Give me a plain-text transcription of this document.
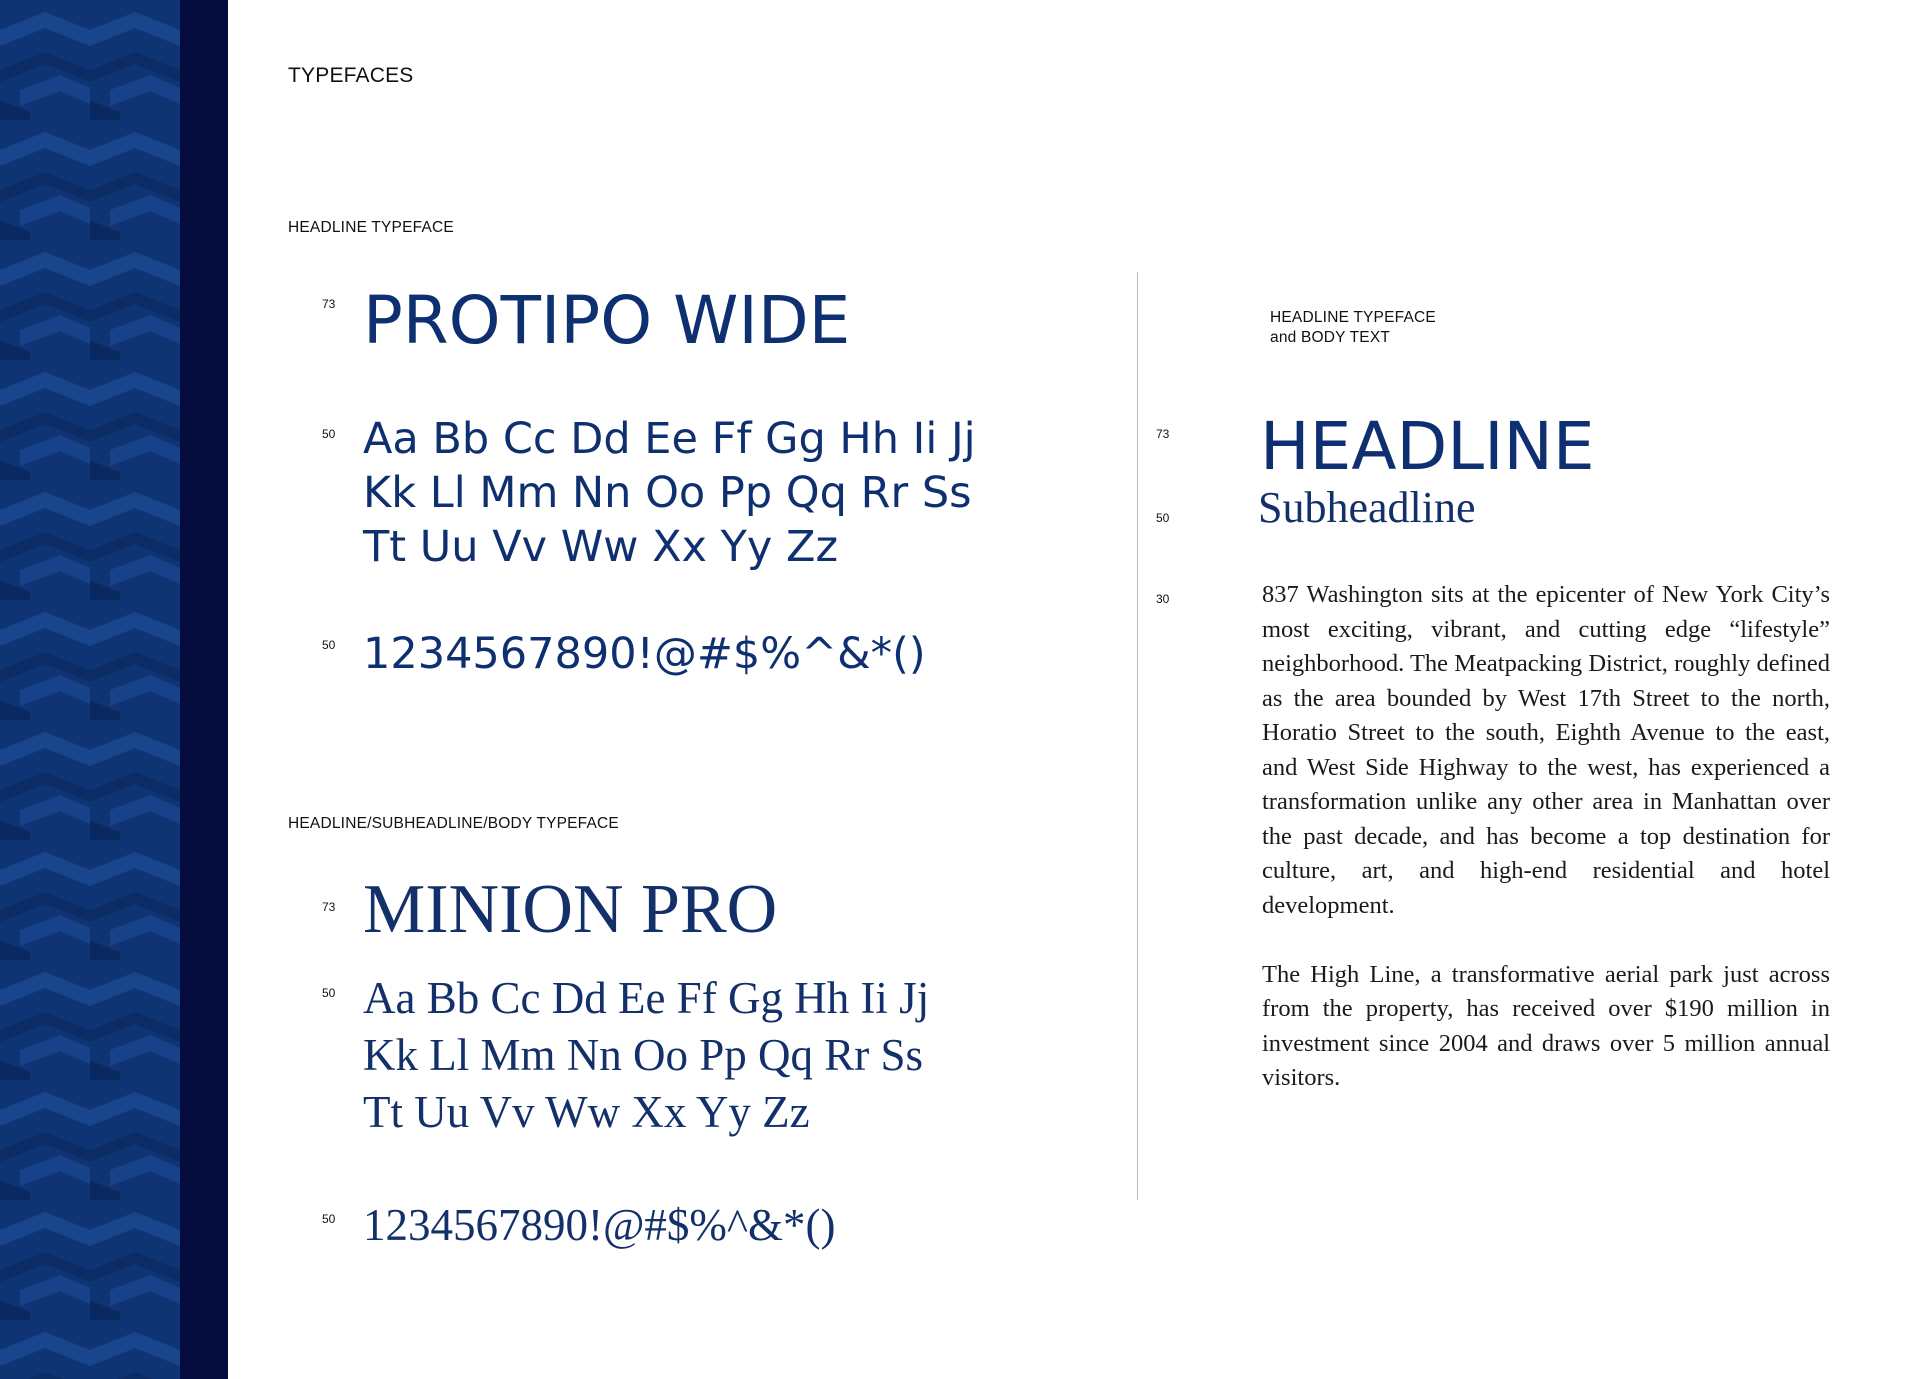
TYPEFACES
HEADLINE TYPEFACE
73 PROTIPO WIDE
50 Aa Bb Cc Dd Ee Ff Gg Hh Ii Jj
Kk Ll Mm Nn Oo Pp Qq Rr Ss
Tt Uu Vv Ww Xx Yy Zz
50 1234567890!@#$%^&*()
HEADLINE/SUBHEADLINE/BODY TYPEFACE
73 MINION PRO
50 Aa Bb Cc Dd Ee Ff Gg Hh Ii Jj
Kk Ll Mm Nn Oo Pp Qq Rr Ss
Tt Uu Vv Ww Xx Yy Zz
50 1234567890!@#$%^&*()
HEADLINE TYPEFACE
and BODY TEXT
73 HEADLINE
50 Subheadline
30	837 Washington sits at the epicenter of New York City’s most exciting, vibrant, and cutting edge “lifestyle” neighborhood. The Meatpacking District, roughly defined as the area bounded by West 17th Street to the north, Horatio Street to the south, Eighth Avenue to the east, and West Side Highway to the west, has experienced a transformation unlike any other area in Manhattan over the past decade, and has become a top destination for culture, art, and high-end residential and hotel development.

The High Line, a transformative aerial park just across from the property, has received over $190 million in investment since 2004 and draws over 5 million annual visitors.
